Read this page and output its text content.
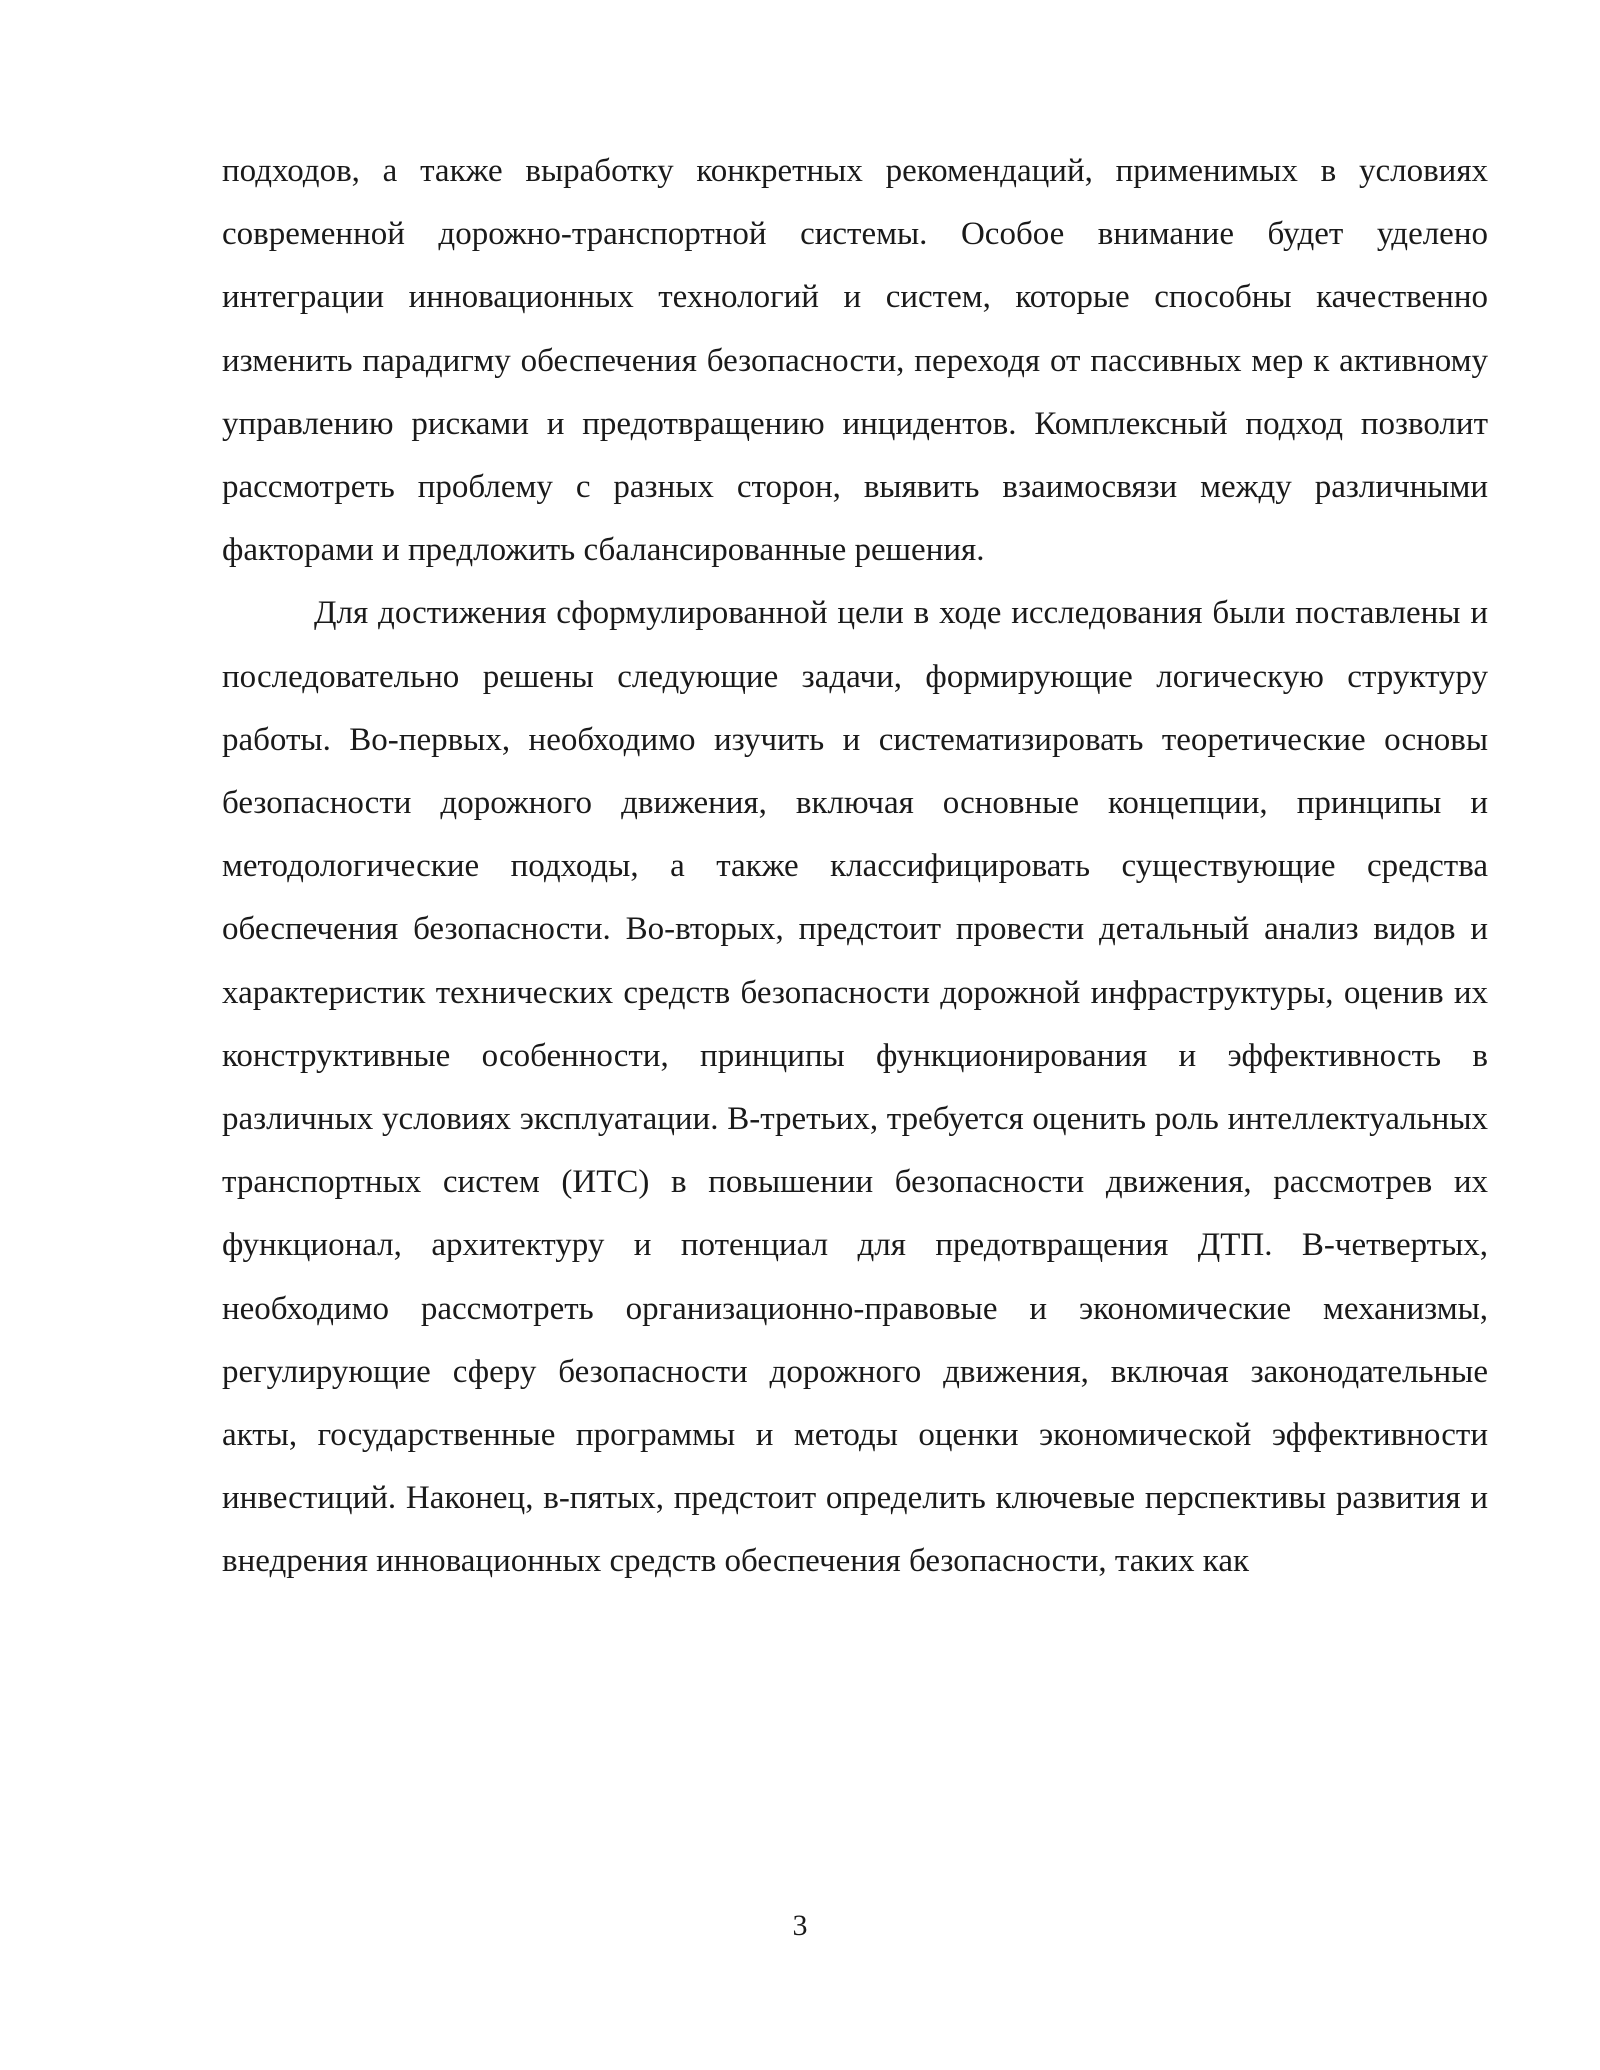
подходов, а также выработку конкретных рекомендаций, применимых в условиях современной дорожно-транспортной системы. Особое внимание будет уделено интеграции инновационных технологий и систем, которые способны качественно изменить парадигму обеспечения безопасности, переходя от пассивных мер к активному управлению рисками и предотвращению инцидентов. Комплексный подход позволит рассмотреть проблему с разных сторон, выявить взаимосвязи между различными факторами и предложить сбалансированные решения.

Для достижения сформулированной цели в ходе исследования были поставлены и последовательно решены следующие задачи, формирующие логическую структуру работы. Во-первых, необходимо изучить и систематизировать теоретические основы безопасности дорожного движения, включая основные концепции, принципы и методологические подходы, а также классифицировать существующие средства обеспечения безопасности. Во-вторых, предстоит провести детальный анализ видов и характеристик технических средств безопасности дорожной инфраструктуры, оценив их конструктивные особенности, принципы функционирования и эффективность в различных условиях эксплуатации. В-третьих, требуется оценить роль интеллектуальных транспортных систем (ИТС) в повышении безопасности движения, рассмотрев их функционал, архитектуру и потенциал для предотвращения ДТП. В-четвертых, необходимо рассмотреть организационно-правовые и экономические механизмы, регулирующие сферу безопасности дорожного движения, включая законодательные акты, государственные программы и методы оценки экономической эффективности инвестиций. Наконец, в-пятых, предстоит определить ключевые перспективы развития и внедрения инновационных средств обеспечения безопасности, таких как

3
